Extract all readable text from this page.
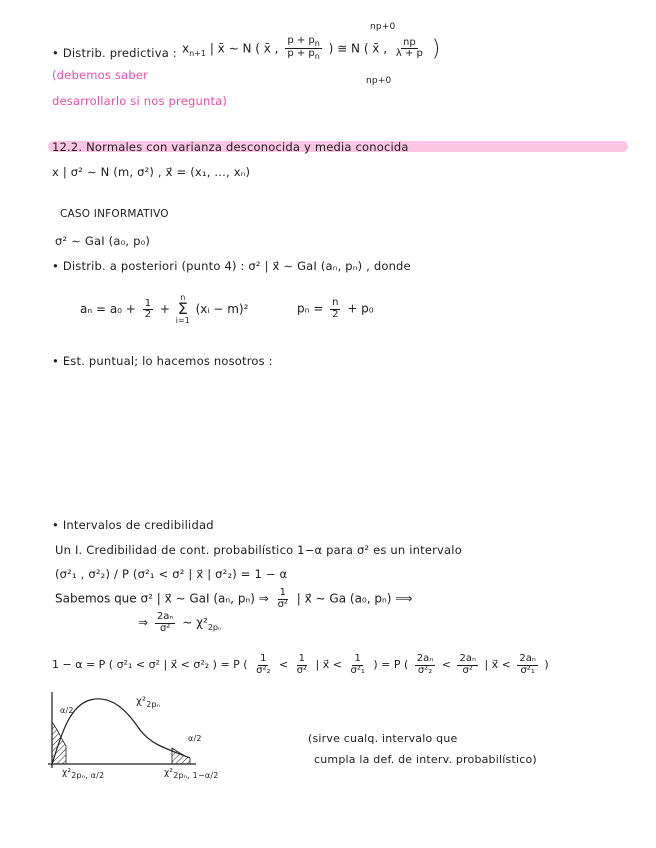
• Distrib. predictiva : $x_{n+1}$ | x̄ ∼ N ( x̄ , $\frac{p + p_n}{p + p_n}$ ) ≅ N ( x̄ , $\frac{np}{\lambda + p}$ )
np+0
np+0
(debemos saber
desarrollarlo si nos pregunta)
12.2. Normales con varianza desconocida y media conocida
x | σ² ∼ N (m, σ²) , x⃗ = (x₁, ..., xₙ)
CASO INFORMATIVO
σ² ∼ GaI (a₀, p₀)
• Distrib. a posteriori (punto 4) : σ² | x⃗ ∼ GaI (aₙ, pₙ) , donde
$a_n = a_0 + \frac{1}{2}$ +
n
Σ
i=1
(xᵢ − m)²	$p_n = \frac{n}{2} + p_0$
• Est. puntual; lo hacemos nosotros :
• Intervalos de credibilidad
Un I. Credibilidad de cont. probabilístico 1−α para σ² es un intervalo
(σ²₁ , σ²₂) / P (σ²₁ < σ² | x⃗ | σ²₂) = 1 − α
Sabemos que σ² | x⃗ ∼ GaI (aₙ, pₙ) ⇒ $\frac{1}{\text{σ²}}$ | x⃗ ∼ Ga (a₀, pₙ) ⟹
⇒ $\frac{\text{2aₙ}}{\text{σ²}}$ ∼ $\chi^2_{2p_n}$
1 − α = P ( σ²₁ < σ² | x⃗ < σ²₂ ) = P ( $\frac{1}{\text{σ²₂}} < \frac{1}{\text{σ²}}$ | x⃗ < $\frac{1}{\text{σ²₁}}$ ) = P ( $\frac{\text{2aₙ}}{\text{σ²₂}} < \frac{\text{2aₙ}}{\text{σ²}}$ | x⃗ < $\frac{\text{2aₙ}}{\text{σ²₁}}$ )
$\chi^2_{2p_n}$
α/2
α/2
$\chi^2_{2p_n, \alpha/2}$	$\chi^2_{2p_n, 1-\alpha/2}$
(sirve cualq. intervalo que
cumpla la def. de interv. probabilístico)
